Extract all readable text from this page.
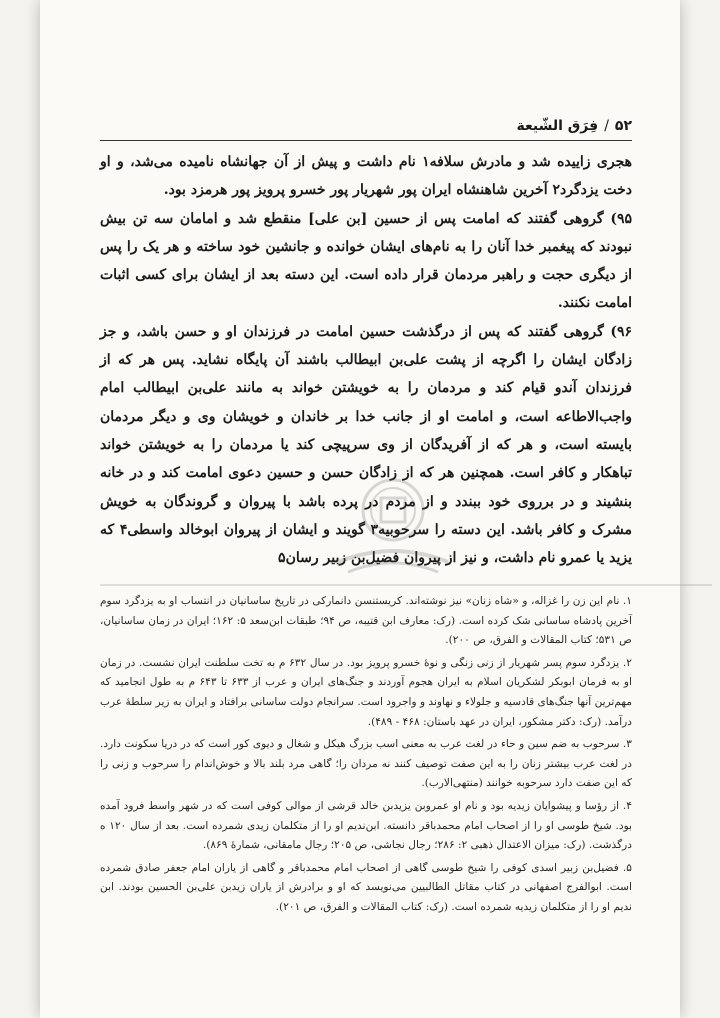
۵۲
/
فِرَق الشّیعة

هجری زاییده شد و مادرش سلافه۱ نام داشت و پیش از آن جهانشاه نامیده می‌شد، و او دخت یزدگرد۲ آخرین شاهنشاه ایران پور شهریار پور خسرو پرویز پور هرمزد بود.

۹۵) گروهی گفتند که امامت پس از حسین [بن علی] منقطع شد و امامان سه تن بیش نبودند که پیغمبر خدا آنان را به نام‌های ایشان خوانده و جانشین خود ساخته و هر یک را پس از دیگری حجت و راهبر مردمان قرار داده است. این دسته بعد از ایشان برای کسی اثبات امامت نکنند.

۹۶) گروهی گفتند که پس از درگذشت حسین امامت در فرزندان او و حسن باشد، و جز زادگان ایشان را اگرچه از پشت علی‌بن ابیطالب باشند آن پایگاه نشاید. پس هر که از فرزندان آندو قیام کند و مردمان را به خویشتن خواند به مانند علی‌بن ابیطالب امام واجب‌الاطاعه است، و امامت او از جانب خدا بر خاندان و خویشان وی و دیگر مردمان بایسته است، و هر که از آفریدگان از وی سرپیچی کند یا مردمان را به خویشتن خواند تباهکار و کافر است. همچنین هر که از زادگان حسن و حسین دعوی امامت کند و در خانه بنشیند و در برروی خود ببندد و از مردم در پرده باشد با پیروان و گروندگان به خویش مشرک و کافر باشد. این دسته را سرحوبیه۳ گویند و ایشان از پیروان ابوخالد واسطی۴ که یزید یا عمرو نام داشت، و نیز از پیروان فضیل‌بن زبیر رسان۵

۱. نام این زن را غزاله، و «شاه زنان» نیز نوشته‌اند. کریستنسن دانمارکی در تاریخ ساسانیان در انتساب او به یزدگرد سوم آخرین پادشاه ساسانی شک کرده است. (رک: معارف ابن قتیبه، ص ۹۴؛ طبقات ابن‌سعد ۵: ۱۶۲؛ ایران در زمان ساسانیان، ص ۵۳۱؛ کتاب المقالات و الفرق، ص ۲۰۰).

۲. یزدگرد سوم پسر شهریار از زنی زنگی و نوهٔ خسرو پرویز بود. در سال ۶۳۲ م به تخت سلطنت ایران نشست. در زمان او به فرمان ابوبکر لشکریان اسلام به ایران هجوم آوردند و جنگ‌های ایران و عرب از ۶۳۳ تا ۶۴۳ م به طول انجامید که مهم‌ترین آنها جنگ‌های قادسیه و جلولاء و نهاوند و واجرود است. سرانجام دولت ساسانی برافتاد و ایران به زیر سلطهٔ عرب درآمد. (رک: دکتر مشکور، ایران در عهد باستان: ۴۶۸ - ۴۸۹).

۳. سرحوب به ضم سین و حاء در لغت عرب به معنی اسب بزرگ هیکل و شغال و دیوی کور است که در دریا سکونت دارد. در لغت عرب بیشتر زنان را به این صفت توصیف کنند نه مردان را؛ گاهی مرد بلند بالا و خوش‌اندام را سرحوب و زنی را که این صفت دارد سرحوبه خوانند (منتهی‌الارب).

۴. از رؤسا و پیشوایان زیدیه بود و نام او عمروبن یزیدبن خالد قرشی از موالی کوفی است که در شهر واسط فرود آمده بود. شیخ طوسی او را از اصحاب امام محمدباقر دانسته. ابن‌ندیم او را از متکلمان زیدی شمرده است. بعد از سال ۱۲۰ ه درگذشت. (رک: میزان الاعتدال ذهبی ۲: ۲۸۶؛ رجال نجاشی، ص ۲۰۵؛ رجال مامقانی، شمارهٔ ۸۶۹).

۵. فضیل‌بن زبیر اسدی کوفی را شیخ طوسی گاهی از اصحاب امام محمدباقر و گاهی از یاران امام جعفر صادق شمرده است. ابوالفرج اصفهانی در کتاب مقاتل الطالبیین می‌نویسد که او و برادرش از یاران زیدبن علی‌بن الحسین بودند. ابن ندیم او را از متکلمان زیدیه شمرده است. (رک: کتاب المقالات و الفرق، ص ۲۰۱).
